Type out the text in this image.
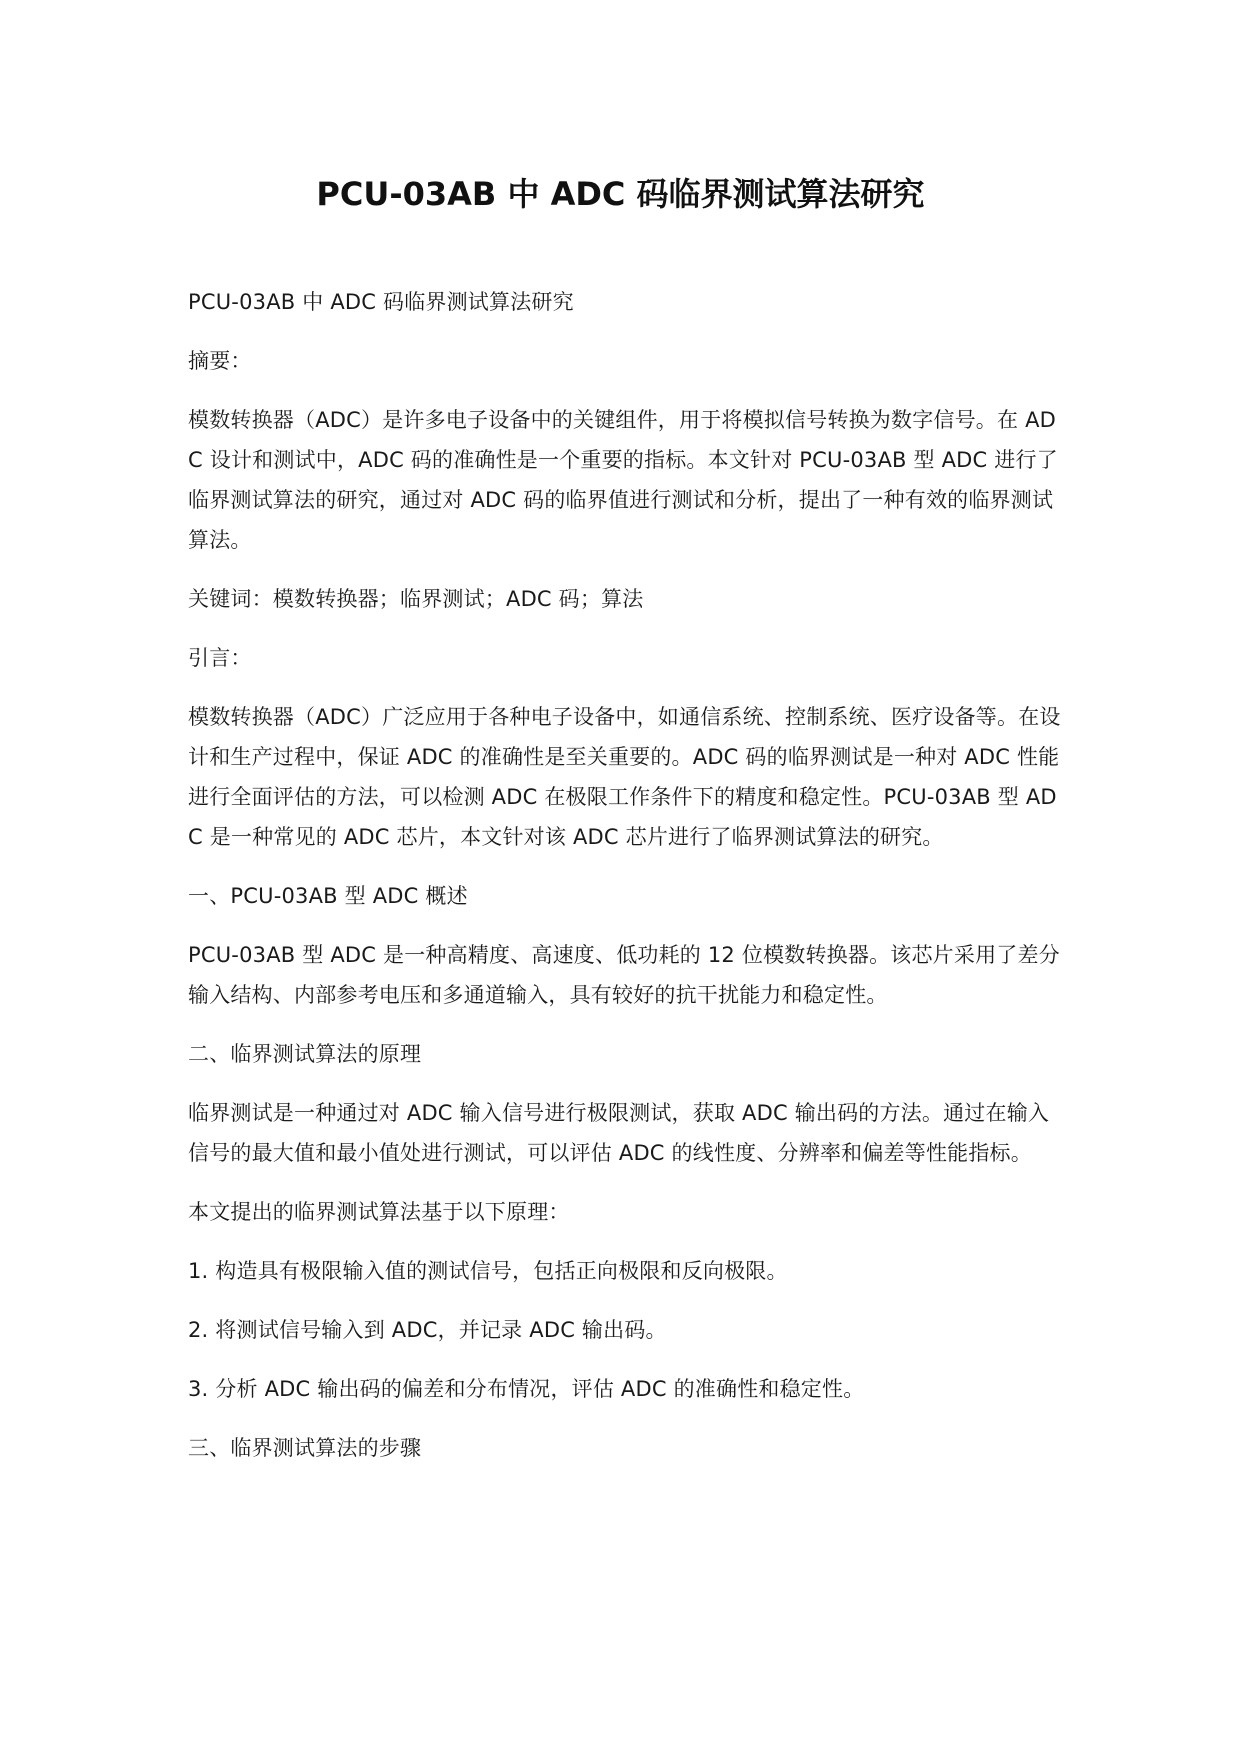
PCU-03AB 中 ADC 码临界测试算法研究

PCU-03AB 中 ADC 码临界测试算法研究

摘要：

模数转换器（ADC）是许多电子设备中的关键组件，用于将模拟信号转换为数字信号。在 ADC 设计和测试中，ADC 码的准确性是一个重要的指标。本文针对 PCU-03AB 型 ADC 进行了临界测试算法的研究，通过对 ADC 码的临界值进行测试和分析，提出了一种有效的临界测试算法。

关键词：模数转换器；临界测试；ADC 码；算法

引言：

模数转换器（ADC）广泛应用于各种电子设备中，如通信系统、控制系统、医疗设备等。在设计和生产过程中，保证 ADC 的准确性是至关重要的。ADC 码的临界测试是一种对 ADC 性能进行全面评估的方法，可以检测 ADC 在极限工作条件下的精度和稳定性。PCU-03AB 型 ADC 是一种常见的 ADC 芯片，本文针对该 ADC 芯片进行了临界测试算法的研究。

一、PCU-03AB 型 ADC 概述

PCU-03AB 型 ADC 是一种高精度、高速度、低功耗的 12 位模数转换器。该芯片采用了差分输入结构、内部参考电压和多通道输入，具有较好的抗干扰能力和稳定性。

二、临界测试算法的原理

临界测试是一种通过对 ADC 输入信号进行极限测试，获取 ADC 输出码的方法。通过在输入信号的最大值和最小值处进行测试，可以评估 ADC 的线性度、分辨率和偏差等性能指标。

本文提出的临界测试算法基于以下原理：

1. 构造具有极限输入值的测试信号，包括正向极限和反向极限。

2. 将测试信号输入到 ADC，并记录 ADC 输出码。

3. 分析 ADC 输出码的偏差和分布情况，评估 ADC 的准确性和稳定性。

三、临界测试算法的步骤
